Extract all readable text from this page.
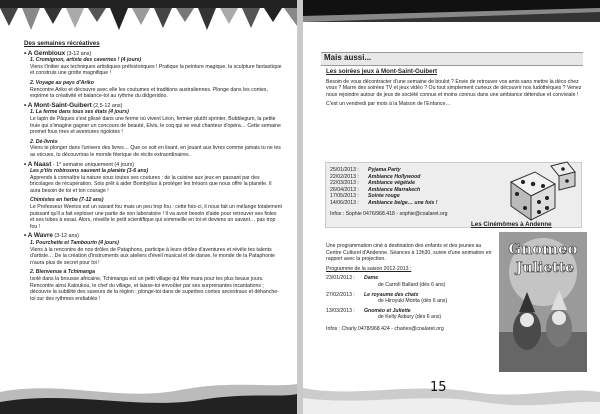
Des semaines récréatives
• A Gembloux (3-12 ans)

1. Cromignon, artiste des cavernes ! (4 jours)

Viens t'initier aux techniques artistiques préhistoriques ! Pratique la peinture magique, la sculpture fantastique et construis une grotte magnifique !

2. Voyage au pays d'Ariko

Rencontre Ariko et découvre avec elle les coutumes et traditions australiennes. Plonge dans les contes, exprime ta créativité et balance-toi au rythme du didgeridoo.

• A Mont-Saint-Guibert (2,5-12 ans)

1. La ferme dans tous ses états (4 jours)

Le lapin de Pâques s'est glissé dans une ferme où vivent Léon, fermier plutôt sprinter, Bubblegum, la petite truie qui s'imagine gagner un concours de beauté, Elvis, le coq qui se veut chanteur d'opéra… Cette semaine promet fous rires et aventures rigolotes !

2. Dé-livrés

Viens te plonger dans l'univers des livres… Que ce soit en lisant, en jouant aux livres comme jamais tu ne les as vécues, tu découvriras le monde féerique de récits extraordinaires.

• A Naast - 1° semaine uniquement (4 jours)

Les p'tits robinsons sauvent la planète (3-6 ans)

Apprends à connaître la nature sous toutes ses coutures : de la cuisine aux jeux en passant par des bricolages de récupération. Sois prêt à aider Bombylius à protéger les trésors que nous offre la planète. Il aura besoin de toi et ton courage !

Chimistes en herbe (7-12 ans)

Le Professeur Weetos est un savant fou mais un peu trop fou : cette fois-ci, il nous fait un mélange totalement puissant qu'il a fait exploser une partie de son laboratoire ! Il va avoir besoin d'aide pour retrouver ses fioles et ses tubes à essai. Alors, réveille le petit scientifique qui sommeille en toi et deviens un savant… pas trop fou !

• A Wavre (3-12 ans)

1. Pourchette et Tambourin (4 jours)

Viens à la rencontre de nos drôles de Pataphons, participe à leurs drôles d'aventures et révèle tes talents d'artiste… De la création d'instruments aux ateliers d'éveil musical et de danse, le monde de la Pataphonie n'aura plus de secret pour toi !

2. Bienvenue à Tchimanga

Isolé dans la brousse africaine, Tchimanga est un petit village qui fête mara pour tes plus beaux jours. Rencontre ainsi Katoukou, le chef du village, et laisse-toi envoûter par ses surprenantes incantations ; découvre la subtilité des saveurs de la région ; plonge-toi dans de superbes contes ancestraux et déhanche-toi sur des rythmes endiablés !

14
Mais aussi...
Les soirées jeux à Mont-Saint-Guibert

Besoin de vous décontracter d'une semaine de boulot ? Envie de retrouver vos amis sans mettre la déco chez vous ? Marre des soirées TV et jeux vidéo ? Ou tout simplement curieux de découvrir nos ludothèques ? Venez nous rejoindre autour de jeux de société connus et moins connus dans une ambiance détendue et conviviale !

C'est un vendredi par mois à la Maison de l'Enfance…

25/01/2013 :	Pyjama Party
22/02/2013 :	Ambiance Hollywood
22/03/2013 :	Ambiance végétale
26/04/2013 :	Ambiance Marrakech
17/05/2013 :	Soirée rouge
14/06/2013 :	Ambiance belge… une fois !

Infos : Sophie 0476/968.418 - sophie@coalaret.org

Les Cinémômes à Andenne

Une programmation ciné à destination des enfants et des jeunes au Centre Culturel d'Andenne. Séances à 13h30, suivie d'une animation en rapport avec la projection.

Programme de la saison 2012-2013 :

23/01/2013 :	Dame
de Carroll Ballard (dès 6 ans)
27/02/2013 :	Le royaume des chats
de Hiroyuki Morita (dès 6 ans)
13/03/2013 :	Gnoméo et Juliette
de Kelly Asbury (dès 6 ans)

Infos : Charly 0478/968.424 - charles@coalaret.org

Gnomeo
Juliette
15
